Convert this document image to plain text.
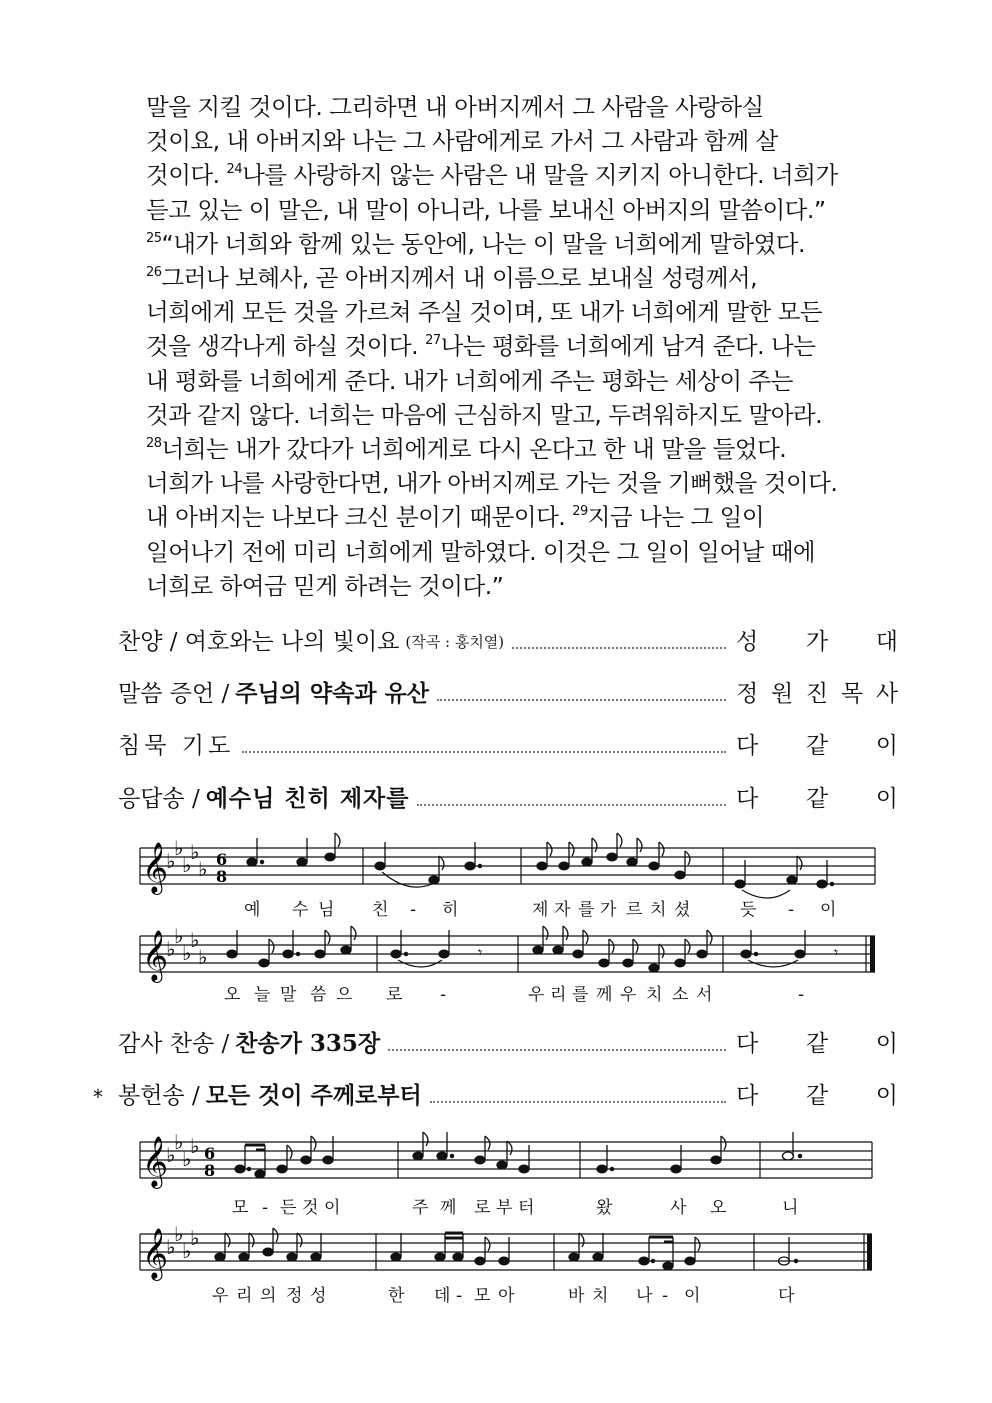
말을 지킬 것이다. 그리하면 내 아버지께서 그 사람을 사랑하실
것이요, 내 아버지와 나는 그 사람에게로 가서 그 사람과 함께 살
것이다. $^{24}$나를 사랑하지 않는 사람은 내 말을 지키지 아니한다. 너희가
듣고 있는 이 말은, 내 말이 아니라, 나를 보내신 아버지의 말씀이다.”
$^{25}$“내가 너희와 함께 있는 동안에, 나는 이 말을 너희에게 말하였다.
$^{26}$그러나 보혜사, 곧 아버지께서 내 이름으로 보내실 성령께서,
너희에게 모든 것을 가르쳐 주실 것이며, 또 내가 너희에게 말한 모든
것을 생각나게 하실 것이다. $^{27}$나는 평화를 너희에게 남겨 준다. 나는
내 평화를 너희에게 준다. 내가 너희에게 주는 평화는 세상이 주는
것과 같지 않다. 너희는 마음에 근심하지 말고, 두려워하지도 말아라.
$^{28}$너희는 내가 갔다가 너희에게로 다시 온다고 한 내 말을 들었다.
너희가 나를 사랑한다면, 내가 아버지께로 가는 것을 기뻐했을 것이다.
내 아버지는 나보다 크신 분이기 때문이다. $^{29}$지금 나는 그 일이
일어나기 전에 미리 너희에게 말하였다. 이것은 그 일이 일어날 때에
너희로 하여금 믿게 하려는 것이다.”
찬양 / 여호와는 나의 빛이요 (작곡 : 홍치열)	성 가 대
말씀 증언 / 주님의 약속과 유산	정 원 진 목 사
침묵 기도	다 같 이
응답송 / 예수님 친히 제자를	다 같 이
𝄞
♭
♭
♭
♭
♭ 6
8
예 수 님 친 - 히	제 자 를 가 르 치 셨	듯 - 이
𝄞
♭
♭
♭
♭
♭	𝄾	𝄾
오 늘 말 씀 으 로 -	우 리 를 께 우 치 소 서	-
감사 찬송 / 찬송가 335장	다 같 이
* 봉헌송 / 모든 것이 주께로부터	다 같 이
𝄞
♭
♭
♭
♭ 6
8
모 - 든 것 이	주 께 로 부 터	왔	사 오	니
𝄞
♭
♭
♭
♭
우 리 의 정 성	한 데 - 모 아	바 치 나 - 이	다
